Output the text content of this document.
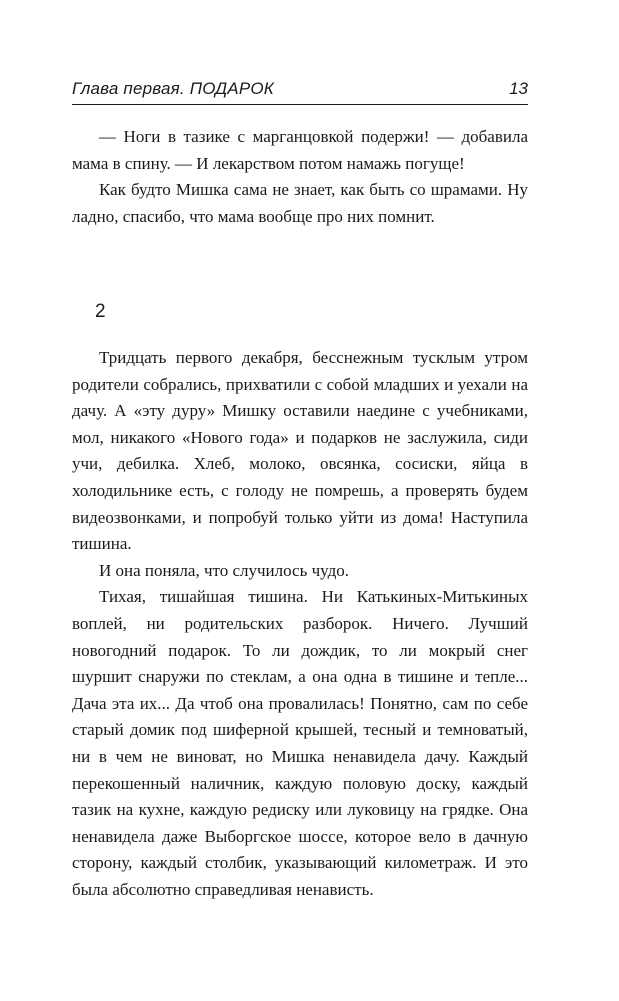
Глава первая. ПОДАРОК	13

— Ноги в тазике с марганцовкой подержи! — добавила мама в спину. — И лекарством потом намажь погуще!

Как будто Мишка сама не знает, как быть со шрамами. Ну ладно, спасибо, что мама вообще про них помнит.

2

Тридцать первого декабря, бесснежным тусклым утром родители собрались, прихватили с собой младших и уехали на дачу. А «эту дуру» Мишку оставили наедине с учебниками, мол, никакого «Нового года» и подарков не заслужила, сиди учи, дебилка. Хлеб, молоко, овсянка, сосиски, яйца в холодильнике есть, с голоду не помрешь, а проверять будем видеозвонками, и попробуй только уйти из дома! Наступила тишина.

И она поняла, что случилось чудо.

Тихая, тишайшая тишина. Ни Катькиных-Митькиных воплей, ни родительских разборок. Ничего. Лучший новогодний подарок. То ли дождик, то ли мокрый снег шуршит снаружи по стеклам, а она одна в тишине и тепле... Дача эта их... Да чтоб она провалилась! Понятно, сам по себе старый домик под шиферной крышей, тесный и темноватый, ни в чем не виноват, но Мишка ненавидела дачу. Каждый перекошенный наличник, каждую половую доску, каждый тазик на кухне, каждую редиску или луковицу на грядке. Она ненавидела даже Выборгское шоссе, которое вело в дачную сторону, каждый столбик, указывающий километраж. И это была абсолютно справедливая ненависть.
